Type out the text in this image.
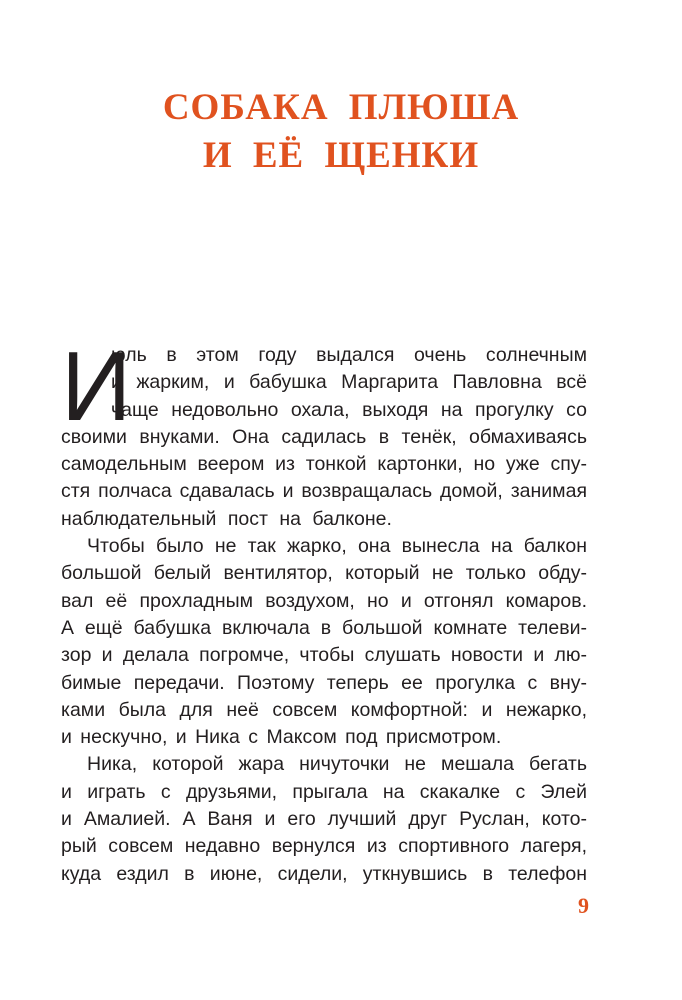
СОБАКА ПЛЮША
И ЕЁ ЩЕНКИ
И
юль в этом году выдался очень солнечным
и жарким, и бабушка Маргарита Павловна всё
чаще недовольно охала, выходя на прогулку со
своими внуками. Она садилась в тенёк, обмахиваясь
самодельным веером из тонкой картонки, но уже спу-
стя полчаса сдавалась и возвращалась домой, занимая
наблюдательный пост на балконе.
Чтобы было не так жарко, она вынесла на балкон
большой белый вентилятор, который не только обду-
вал её прохладным воздухом, но и отгонял комаров.
А ещё бабушка включала в большой комнате телеви-
зор и делала погромче, чтобы слушать новости и лю-
бимые передачи. Поэтому теперь ее прогулка с вну-
ками была для неё совсем комфортной: и нежарко,
и нескучно, и Ника с Максом под присмотром.
Ника, которой жара ничуточки не мешала бегать
и играть с друзьями, прыгала на скакалке с Элей
и Амалией. А Ваня и его лучший друг Руслан, кото-
рый совсем недавно вернулся из спортивного лагеря,
куда ездил в июне, сидели, уткнувшись в телефон
9
